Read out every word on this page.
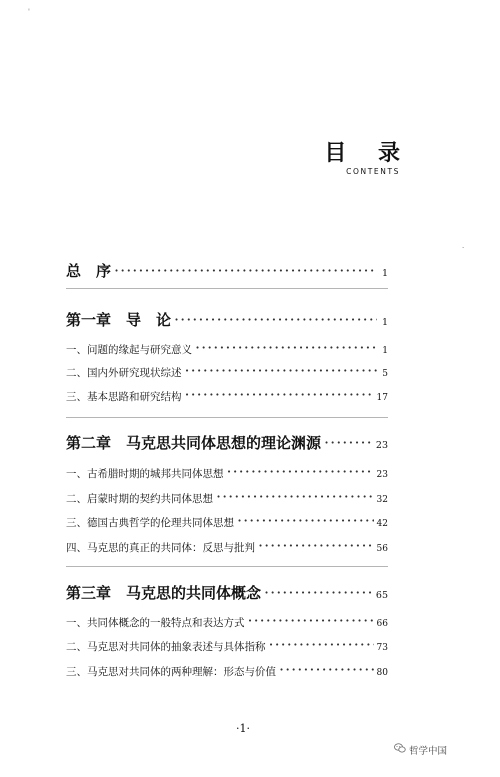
'
.
目 录
CONTENTS
总　序 ·····	1
第一章　导　论 ·····	1
一、问题的缘起与研究意义 ·····	1
二、国内外研究现状综述 ·····	5
三、基本思路和研究结构 ·····	17
第二章　马克思共同体思想的理论渊源 ·····	23
一、古希腊时期的城邦共同体思想 ·····	23
二、启蒙时期的契约共同体思想 ·····	32
三、德国古典哲学的伦理共同体思想 ·····	42
四、马克思的真正的共同体：反思与批判 ·····	56
第三章　马克思的共同体概念 ·····	65
一、共同体概念的一般特点和表达方式 ·····	66
二、马克思对共同体的抽象表述与具体指称 ·····	73
三、马克思对共同体的两种理解：形态与价值 ·····	80
·1·
哲学中国
